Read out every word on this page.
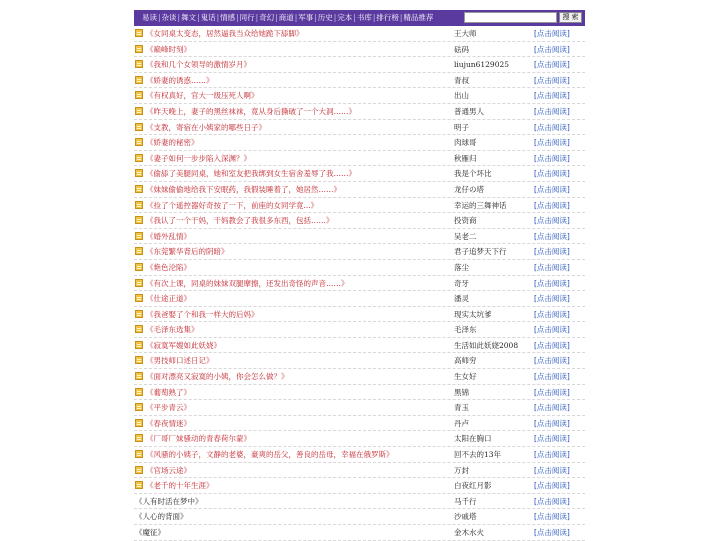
易读|杂谈|舞文|鬼话|情感|同行|奇幻|商道|军事|历史|完本|书库|排行榜|精品推荐	搜 索
《女同桌太变态，居然逼我当众给她跪下舔脚》	王大师	[点击阅读]
《巅峰时刻》	砝码	[点击阅读]
《我和几个女领导的激情岁月》	liujun6129025	[点击阅读]
《娇妻的诱惑……》	青叔	[点击阅读]
《有权真好，官大一级压死人啊》	出山	[点击阅读]
《昨天晚上，妻子的黑丝袜袜，竟从身后撕破了一个大洞……》	普通男人	[点击阅读]
《支教，寄宿在小姨家的哪些日子》	明子	[点击阅读]
《娇妻的秘密》	肉球哥	[点击阅读]
《妻子如何一步步陷入深渊？》	秋雁归	[点击阅读]
《偷舔了美腿同桌，她和室友把我绑到女生宿舍羞辱了我……》	我是个坏比	[点击阅读]
《妹妹偷偷地给我下安眠药，我假装睡着了，她居然……》	龙仔の塔	[点击阅读]
《捡了个遥控器好奇按了一下，前座的女同学竟...》	幸运的三舞神话	[点击阅读]
《我认了一个干妈，干妈教会了我很多东西，包括……》	投资商	[点击阅读]
《婚外乱情》	吴老二	[点击阅读]
《东莞繁华背后的阴暗》	君子追梦天下行	[点击阅读]
《艳色沦陷》	落尘	[点击阅读]
《有次上课，同桌的妹妹双腿摩擦，还发出奇怪的声音……》	奇牙	[点击阅读]
《仕途正道》	潘灵	[点击阅读]
《我爸娶了个和我一样大的后妈》	现实太坑爹	[点击阅读]
《毛泽东选集》	毛泽东	[点击阅读]
《寂寞军嫂如此妖娆》	生活如此妖娆2008 [点击阅读]
《男技师口述日记》	高师穷	[点击阅读]
《面对漂亮又寂寞的小姨，你会怎么做？》	生女好	[点击阅读]
《葡萄熟了》	黑锦	[点击阅读]
《平步青云》	青玉	[点击阅读]
《春夜情迷》	丹卢	[点击阅读]
《厂哥厂妹骚动的青春荷尔蒙》	太阳在胸口	[点击阅读]
《风骚的小姨子，文静的老婆，豪爽的岳父，善良的岳母，幸福在俄罗斯》	回不去的13年	[点击阅读]
《官场云途》	万封	[点击阅读]
《老千的十年生涯》	白夜红月影	[点击阅读]
《人有时活在梦中》	马千行	[点击阅读]
《人心的背面》	沙戚塔	[点击阅读]
《魔征》	金木水火	[点击阅读]
